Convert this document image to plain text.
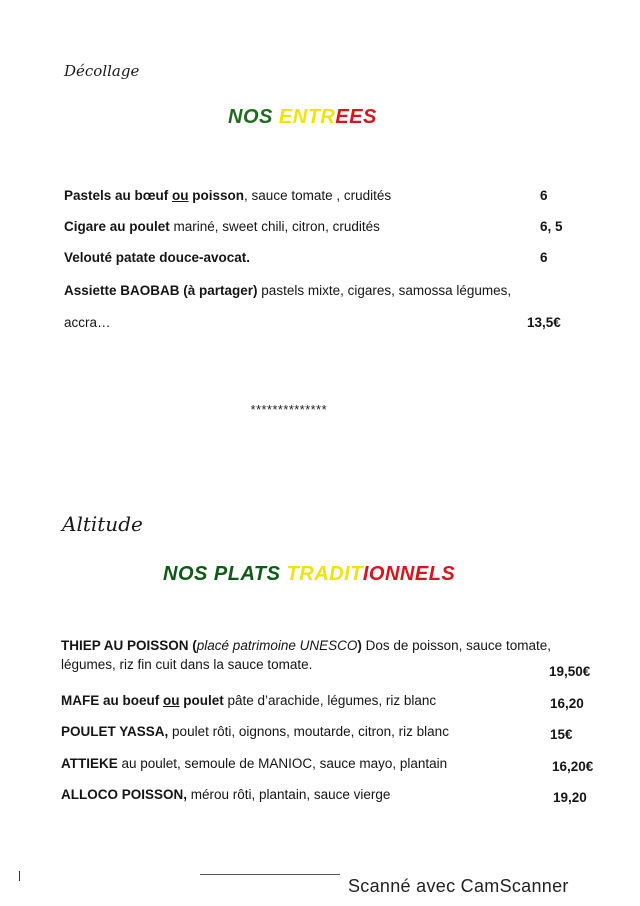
Décollage
NOS ENTREES
Pastels au bœuf ou poisson, sauce tomate , crudités	6
Cigare au poulet mariné, sweet chili, citron, crudités	6, 5
Velouté patate douce-avocat.	6
Assiette BAOBAB (à partager) pastels mixte, cigares, samossa légumes,
accra…	13,5€
**************
Altitude
NOS PLATS TRADITIONNELS
THIEP AU POISSON (placé patrimoine UNESCO) Dos de poisson, sauce tomate,
légumes, riz fin cuit dans la sauce tomate.	19,50€
MAFE au boeuf ou poulet pâte d’arachide, légumes, riz blanc	16,20
POULET YASSA, poulet rôti, oignons, moutarde, citron, riz blanc	15€
ATTIEKE au poulet, semoule de MANIOC, sauce mayo, plantain	16,20€
ALLOCO POISSON, mérou rôti, plantain, sauce vierge	19,20
Scanné avec CamScanner
